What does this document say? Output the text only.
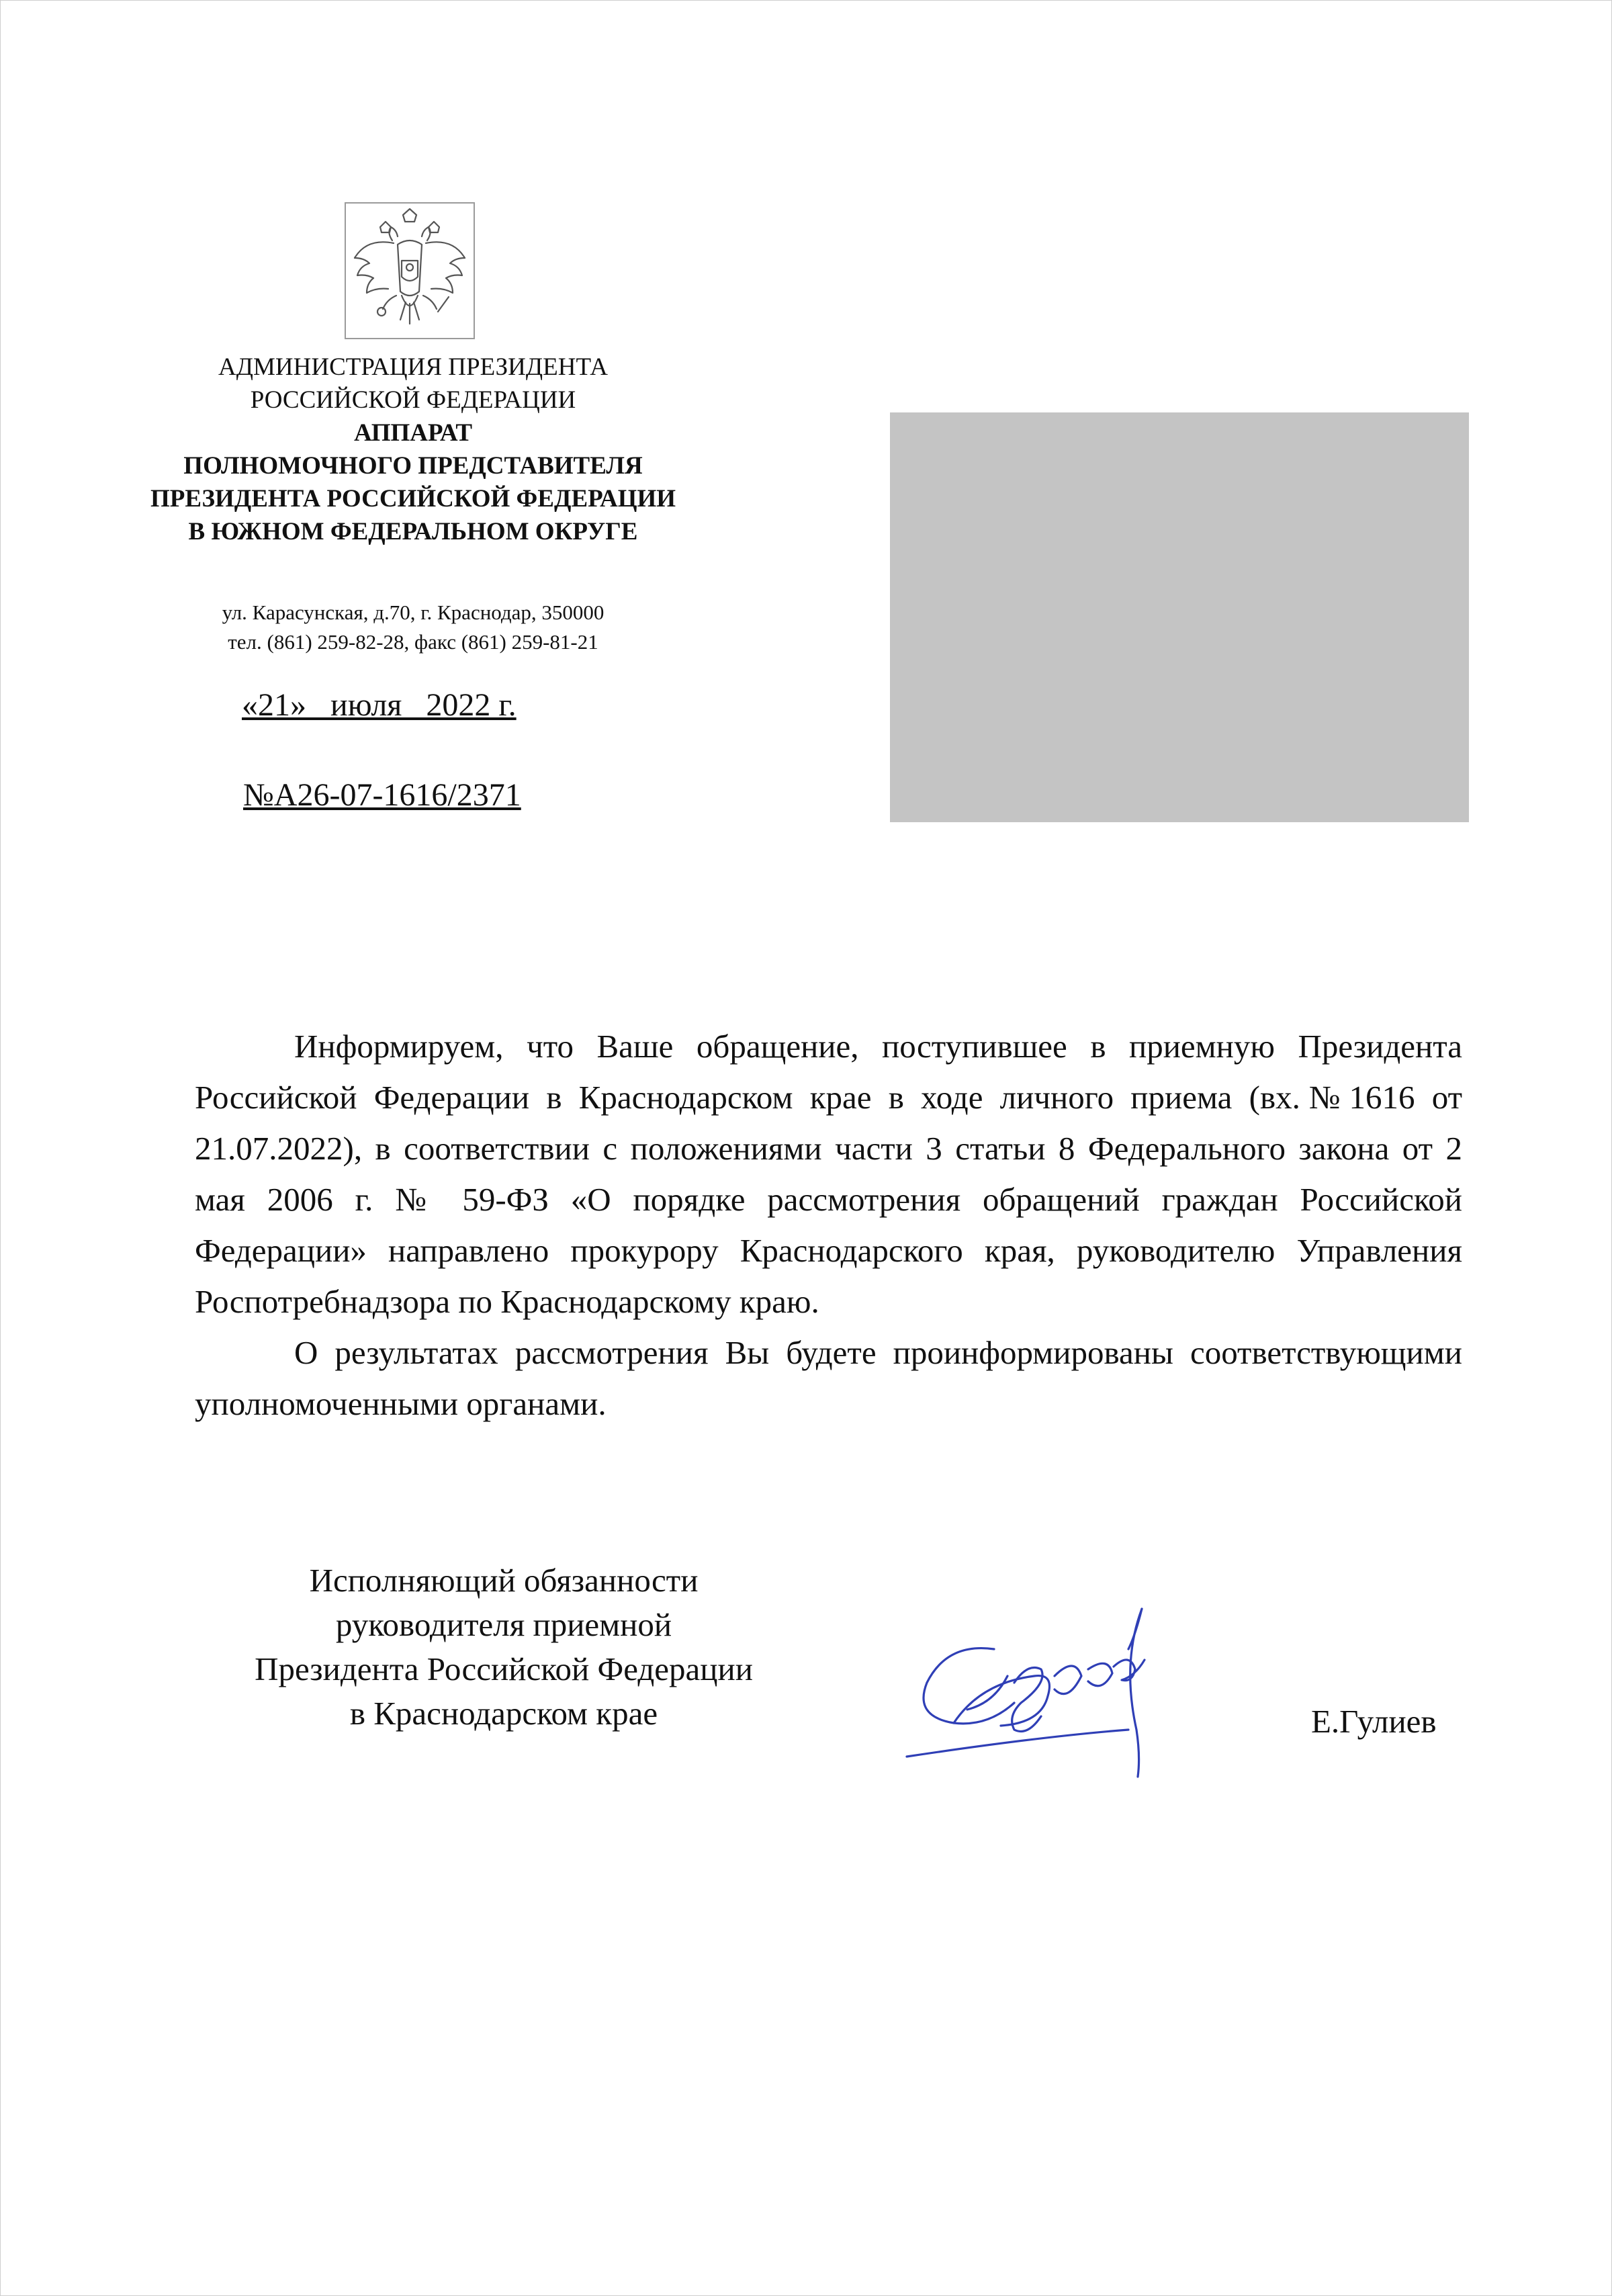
АДМИНИСТРАЦИЯ ПРЕЗИДЕНТА
РОССИЙСКОЙ ФЕДЕРАЦИИ
АППАРАТ
ПОЛНОМОЧНОГО ПРЕДСТАВИТЕЛЯ
ПРЕЗИДЕНТА РОССИЙСКОЙ ФЕДЕРАЦИИ
В ЮЖНОМ ФЕДЕРАЛЬНОМ ОКРУГЕ
ул. Карасунская, д.70, г. Краснодар, 350000
тел. (861) 259-82-28, факс (861) 259-81-21
«21»   июля   2022 г.
№А26-07-1616/2371

Информируем, что Ваше обращение, поступившее в приемную Президента Российской Федерации в Краснодарском крае в ходе личного приема (вх.№1616 от 21.07.2022), в соответствии с положениями части 3 статьи 8 Федерального закона от 2 мая 2006 г. № 59-ФЗ «О порядке рассмотрения обращений граждан Российской Федерации» направлено прокурору Краснодарского края, руководителю Управления Роспотребнадзора по Краснодарскому краю.

О результатах рассмотрения Вы будете проинформированы соответствующими уполномоченными органами.

Исполняющий обязанности
руководителя приемной
Президента Российской Федерации
в Краснодарском крае	Е.Гулиев
